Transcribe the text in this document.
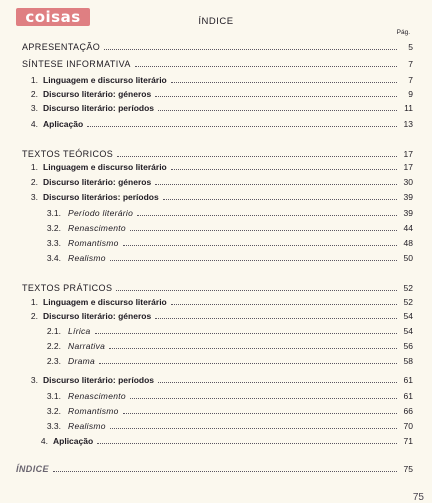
coisas	ÍNDICE
Pág.
APRESENTAÇÃO	5
SÍNTESE INFORMATIVA	7
1. Linguagem e discurso literário	7
2. Discurso literário: géneros	9
3. Discurso literário: períodos	11
4. Aplicação	13
TEXTOS TEÓRICOS	17
1. Linguagem e discurso literário	17
2. Discurso literário: géneros	30
3. Discurso literários: períodos	39
3.1. Período literário	39
3.2. Renascimento	44
3.3. Romantismo	48
3.4. Realismo	50
TEXTOS PRÁTICOS	52
1. Linguagem e discurso literário	52
2. Discurso literário: géneros	54
2.1. Lírica	54
2.2. Narrativa	56
2.3. Drama	58
3. Discurso literário: períodos	61
3.1. Renascimento	61
3.2. Romantismo	66
3.3. Realismo	70
4. Aplicação	71
ÍNDICE	75
75
